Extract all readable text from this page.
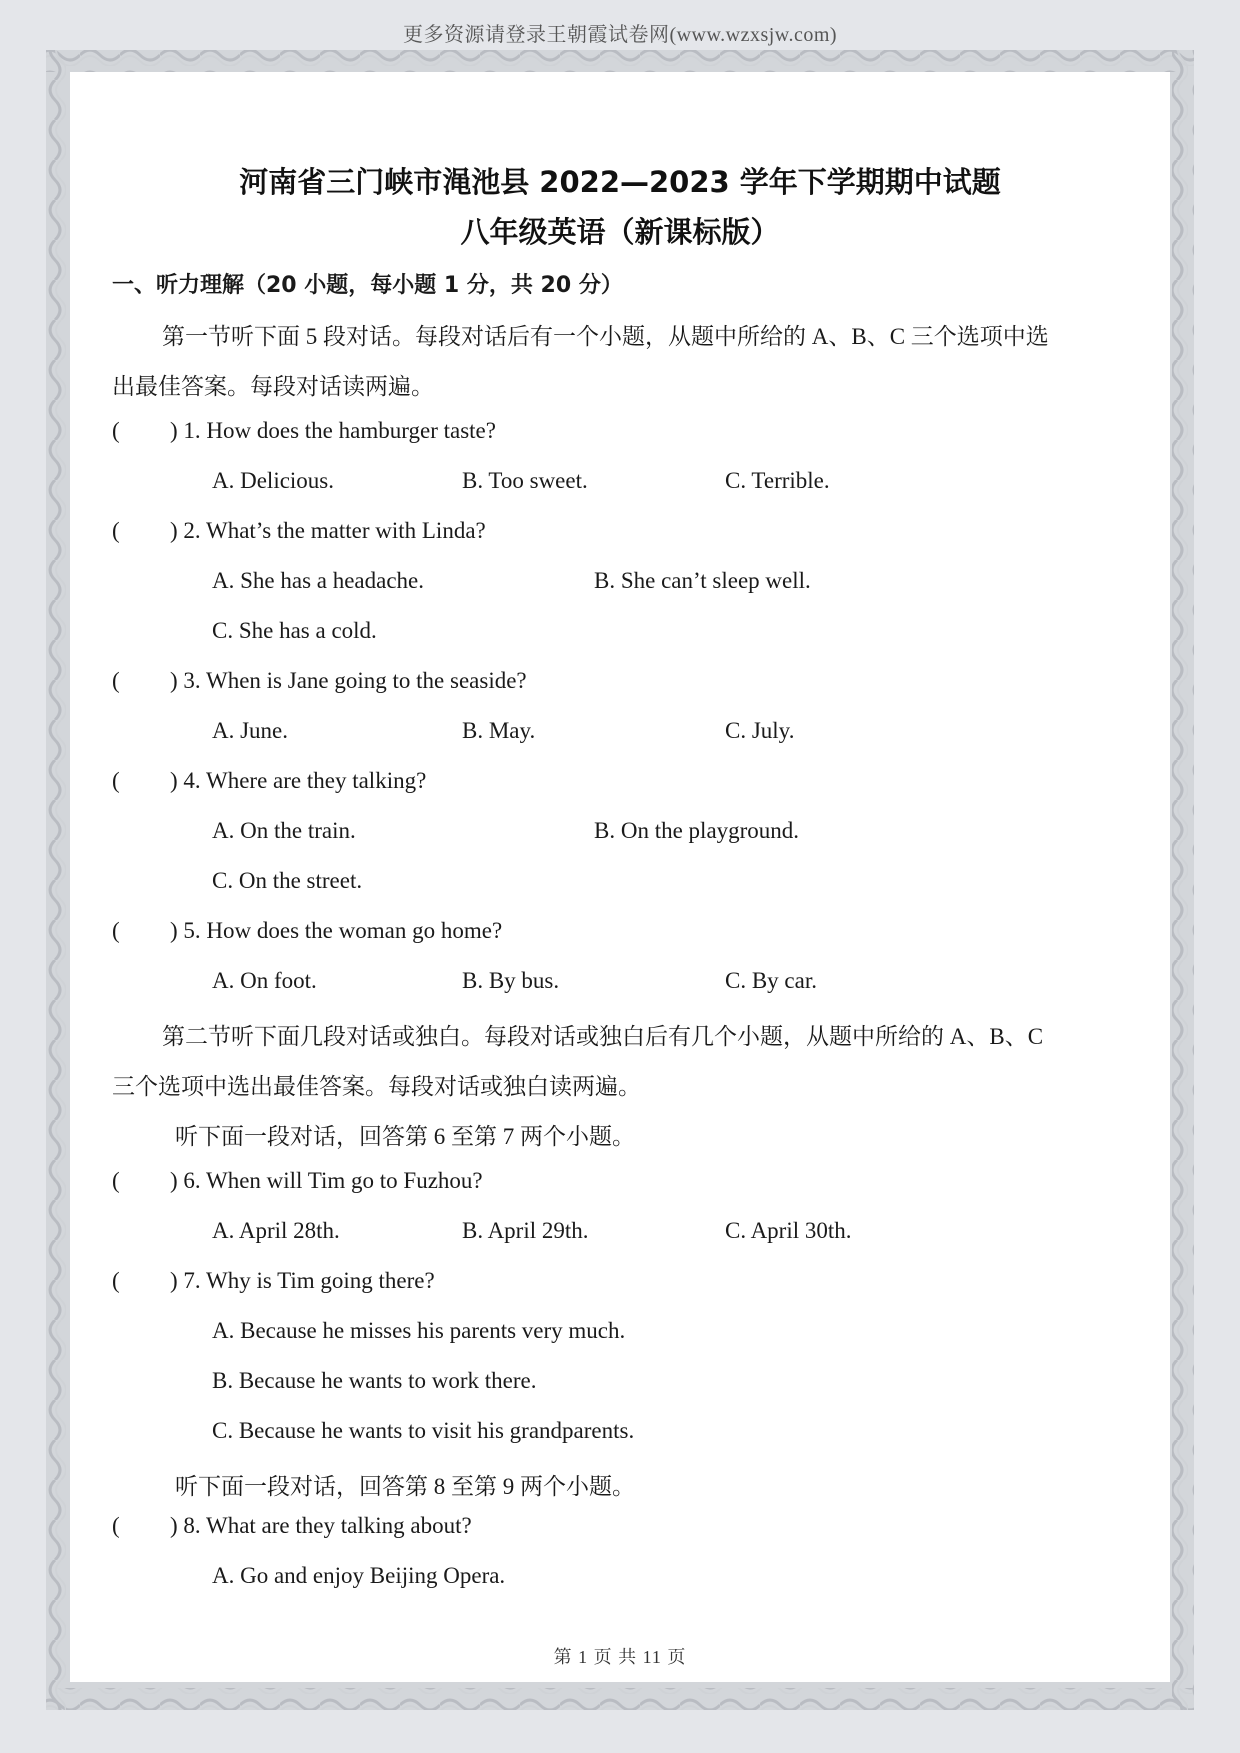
更多资源请登录王朝霞试卷网(www.wzxsjw.com)
河南省三门峡市渑池县 2022—2023 学年下学期期中试题
八年级英语（新课标版）
一、听力理解（20 小题，每小题 1 分，共 20 分）
第一节听下面 5 段对话。每段对话后有一个小题，从题中所给的 A、B、C 三个选项中选
出最佳答案。每段对话读两遍。
( ) 1. How does the hamburger taste?
A. Delicious.	B. Too sweet.	C. Terrible.
( ) 2. What’s the matter with Linda?
A. She has a headache.	B. She can’t sleep well.
C. She has a cold.
( ) 3. When is Jane going to the seaside?
A. June.	B. May.	C. July.
( ) 4. Where are they talking?
A. On the train.	B. On the playground.
C. On the street.
( ) 5. How does the woman go home?
A. On foot.	B. By bus.	C. By car.
第二节听下面几段对话或独白。每段对话或独白后有几个小题，从题中所给的 A、B、C
三个选项中选出最佳答案。每段对话或独白读两遍。
听下面一段对话，回答第 6 至第 7 两个小题。
( ) 6. When will Tim go to Fuzhou?
A. April 28th.	B. April 29th.	C. April 30th.
( ) 7. Why is Tim going there?
A. Because he misses his parents very much.
B. Because he wants to work there.
C. Because he wants to visit his grandparents.
听下面一段对话，回答第 8 至第 9 两个小题。
( ) 8. What are they talking about?
A. Go and enjoy Beijing Opera.
第 1 页 共 11 页
